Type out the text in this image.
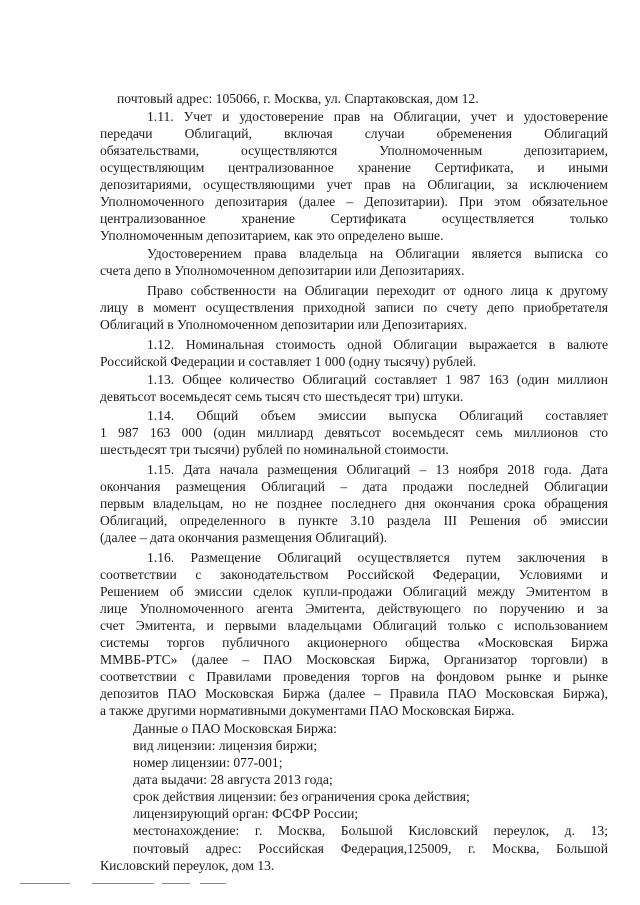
почтовый адрес: 105066, г. Москва, ул. Спартаковская, дом 12.
1.11. Учет и удостоверение прав на Облигации, учет и удостоверение
передачи Облигаций, включая случаи обременения Облигаций
обязательствами, осуществляются Уполномоченным депозитарием,
осуществляющим централизованное хранение Сертификата, и иными
депозитариями, осуществляющими учет прав на Облигации, за исключением
Уполномоченного депозитария (далее – Депозитарии). При этом обязательное
централизованное хранение Сертификата осуществляется только
Уполномоченным депозитарием, как это определено выше.
Удостоверением права владельца на Облигации является выписка со
счета депо в Уполномоченном депозитарии или Депозитариях.
Право собственности на Облигации переходит от одного лица к другому
лицу в момент осуществления приходной записи по счету депо приобретателя
Облигаций в Уполномоченном депозитарии или Депозитариях.
1.12. Номинальная стоимость одной Облигации выражается в валюте
Российской Федерации и составляет 1 000 (одну тысячу) рублей.
1.13. Общее количество Облигаций составляет 1 987 163 (один миллион
девятьсот восемьдесят семь тысяч сто шестьдесят три) штуки.
1.14. Общий объем эмиссии выпуска Облигаций составляет
1 987 163 000 (один миллиард девятьсот восемьдесят семь миллионов сто
шестьдесят три тысячи) рублей по номинальной стоимости.
1.15. Дата начала размещения Облигаций – 13 ноября 2018 года. Дата
окончания размещения Облигаций – дата продажи последней Облигации
первым владельцам, но не позднее последнего дня окончания срока обращения
Облигаций, определенного в пункте 3.10 раздела III Решения об эмиссии
(далее – дата окончания размещения Облигаций).
1.16. Размещение Облигаций осуществляется путем заключения в
соответствии с законодательством Российской Федерации, Условиями и
Решением об эмиссии сделок купли-продажи Облигаций между Эмитентом в
лице Уполномоченного агента Эмитента, действующего по поручению и за
счет Эмитента, и первыми владельцами Облигаций только с использованием
системы торгов публичного акционерного общества «Московская Биржа
ММВБ-РТС» (далее – ПАО Московская Биржа, Организатор торговли) в
соответствии с Правилами проведения торгов на фондовом рынке и рынке
депозитов ПАО Московская Биржа (далее – Правила ПАО Московская Биржа),
а также другими нормативными документами ПАО Московская Биржа.
Данные о ПАО Московская Биржа:
вид лицензии: лицензия биржи;
номер лицензии: 077-001;
дата выдачи: 28 августа 2013 года;
срок действия лицензии: без ограничения срока действия;
лицензирующий орган: ФСФР России;
местонахождение: г. Москва, Большой Кисловский переулок, д. 13;
почтовый адрес: Российская Федерация,125009, г. Москва, Большой
Кисловский переулок, дом 13.
